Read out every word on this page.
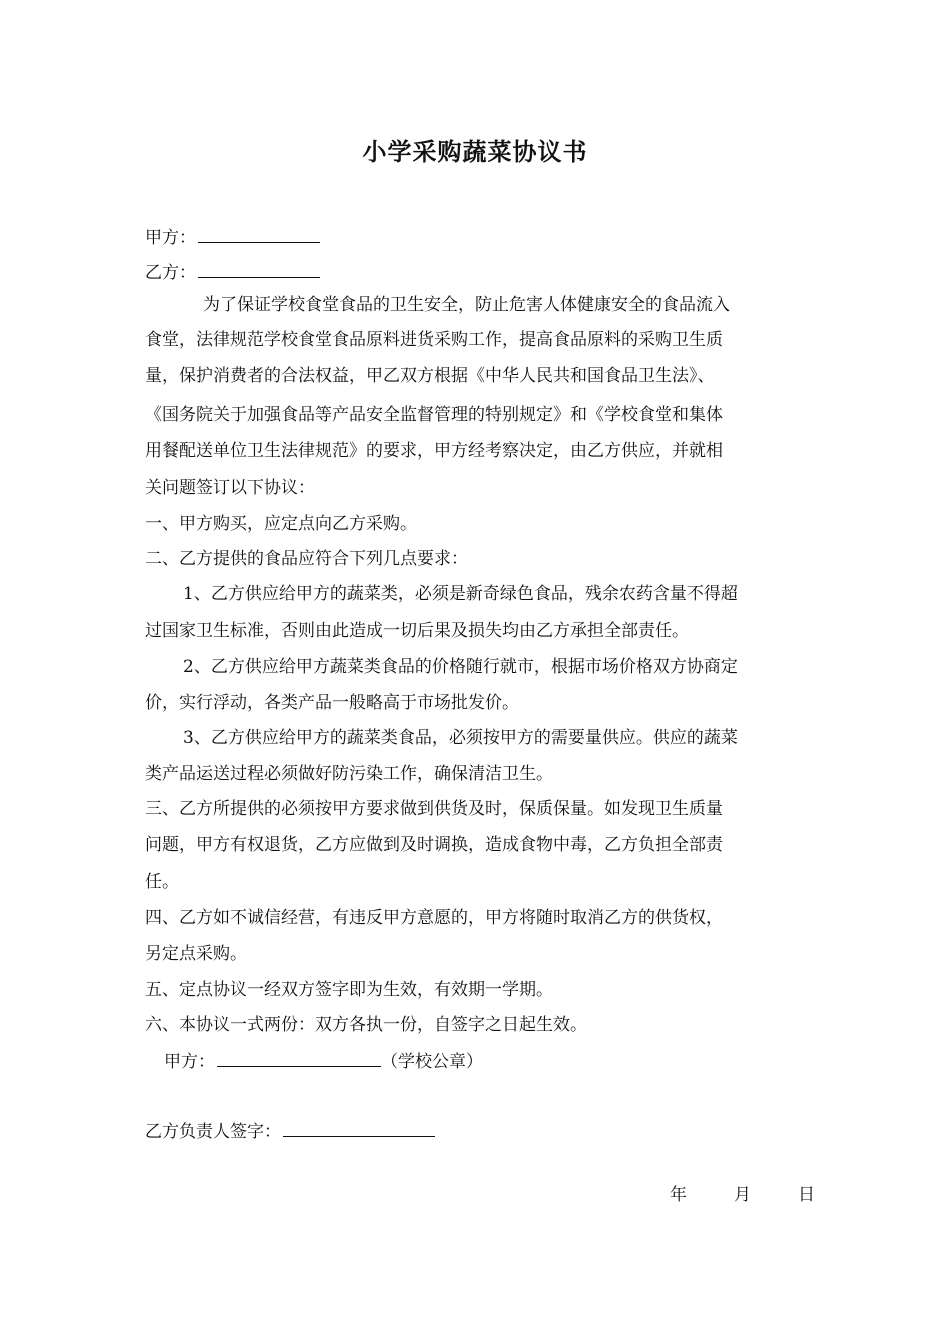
小学采购蔬菜协议书
甲方：
乙方：
为了保证学校食堂食品的卫生安全，防止危害人体健康安全的食品流入
食堂，法律规范学校食堂食品原料进货采购工作，提高食品原料的采购卫生质
量，保护消费者的合法权益，甲乙双方根据《中华人民共和国食品卫生法》、
《国务院关于加强食品等产品安全监督管理的特别规定》和《学校食堂和集体
用餐配送单位卫生法律规范》的要求，甲方经考察决定，由乙方供应，并就相
关问题签订以下协议：
一、甲方购买，应定点向乙方采购。
二、乙方提供的食品应符合下列几点要求：
1、乙方供应给甲方的蔬菜类，必须是新奇绿色食品，残余农药含量不得超
过国家卫生标准，否则由此造成一切后果及损失均由乙方承担全部责任。
2、乙方供应给甲方蔬菜类食品的价格随行就市，根据市场价格双方协商定
价，实行浮动，各类产品一般略高于市场批发价。
3、乙方供应给甲方的蔬菜类食品，必须按甲方的需要量供应。供应的蔬菜
类产品运送过程必须做好防污染工作，确保清洁卫生。
三、乙方所提供的必须按甲方要求做到供货及时，保质保量。如发现卫生质量
问题，甲方有权退货，乙方应做到及时调换，造成食物中毒，乙方负担全部责
任。
四、乙方如不诚信经营，有违反甲方意愿的，甲方将随时取消乙方的供货权，
另定点采购。
五、定点协议一经双方签字即为生效，有效期一学期。
六、本协议一式两份：双方各执一份，自签字之日起生效。
甲方：	（学校公章）
乙方负责人签字：
年	月	日
